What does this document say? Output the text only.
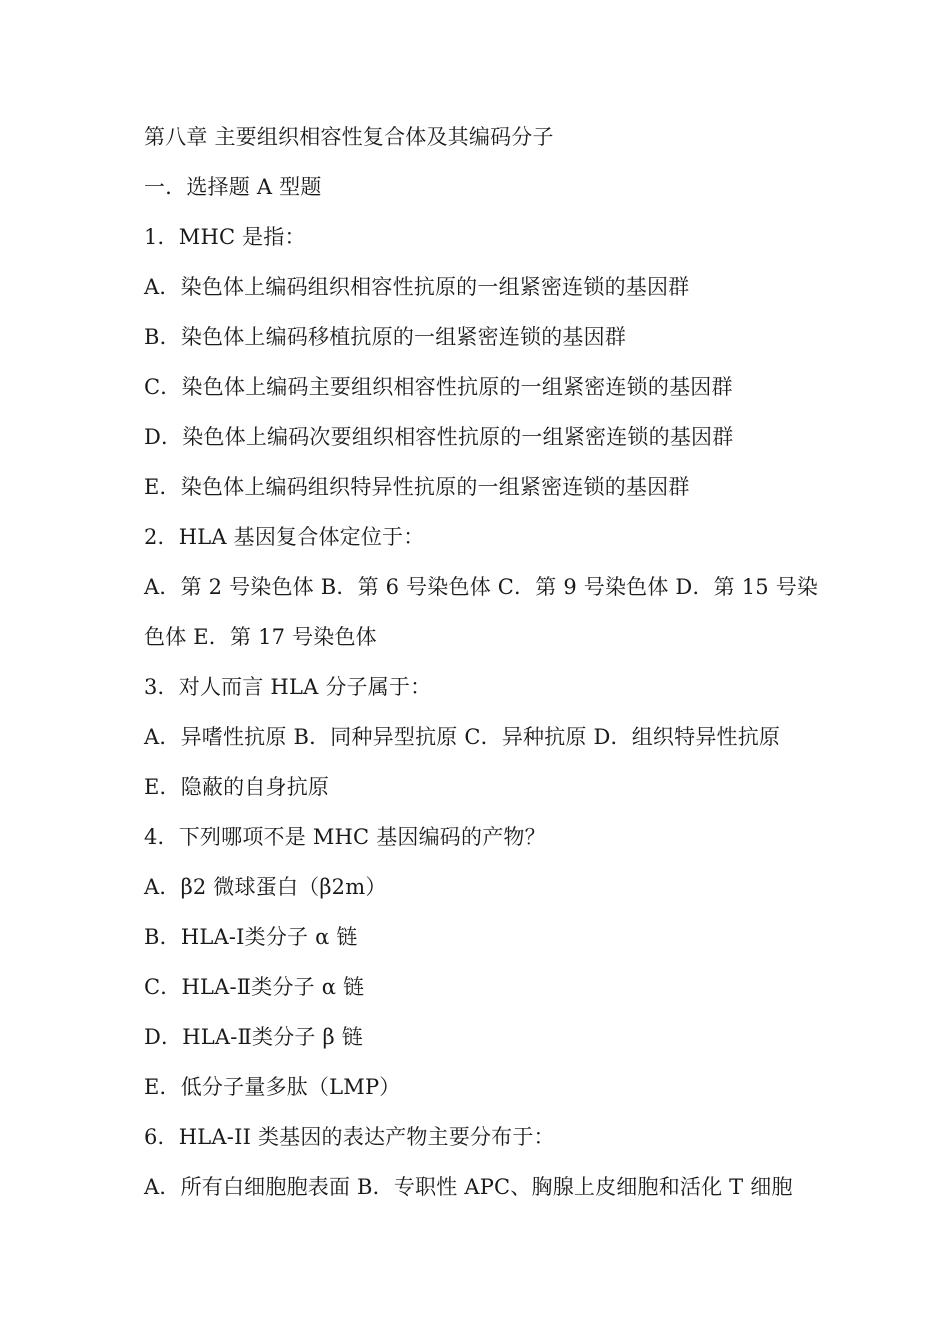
第八章 主要组织相容性复合体及其编码分子
一．选择题 A 型题
1．MHC 是指：
A．染色体上编码组织相容性抗原的一组紧密连锁的基因群
B．染色体上编码移植抗原的一组紧密连锁的基因群
C．染色体上编码主要组织相容性抗原的一组紧密连锁的基因群
D．染色体上编码次要组织相容性抗原的一组紧密连锁的基因群
E．染色体上编码组织特异性抗原的一组紧密连锁的基因群
2．HLA 基因复合体定位于：
A．第 2 号染色体 B．第 6 号染色体 C．第 9 号染色体 D．第 15 号染
色体 E．第 17 号染色体
3．对人而言 HLA 分子属于：
A．异嗜性抗原 B．同种异型抗原 C．异种抗原 D．组织特异性抗原
E．隐蔽的自身抗原
4．下列哪项不是 MHC 基因编码的产物？
A．β2 微球蛋白（β2m）
B．HLA-Ⅰ类分子 α 链
C．HLA-Ⅱ类分子 α 链
D．HLA-Ⅱ类分子 β 链
E．低分子量多肽（LMP）
6．HLA-II 类基因的表达产物主要分布于：
A．所有白细胞胞表面 B．专职性 APC、胸腺上皮细胞和活化 T 细胞
